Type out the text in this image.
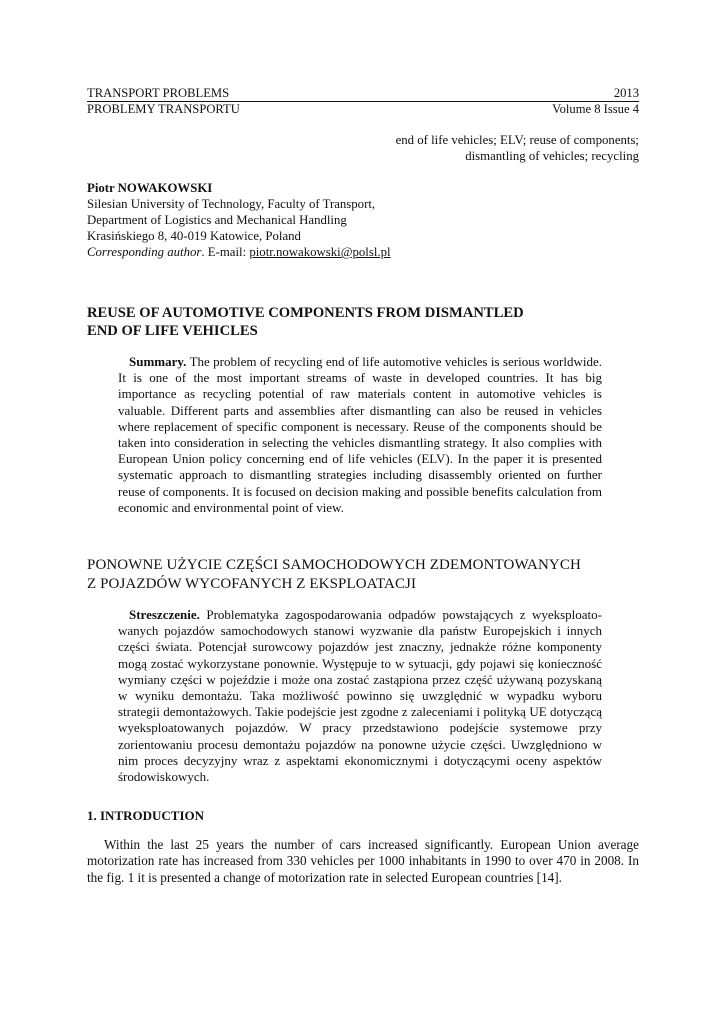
TRANSPORT PROBLEMS	2013
PROBLEMY TRANSPORTU	Volume 8 Issue 4
end of life vehicles; ELV; reuse of components;
dismantling of vehicles; recycling
Piotr NOWAKOWSKI
Silesian University of Technology, Faculty of Transport,
Department of Logistics and Mechanical Handling
Krasińskiego 8, 40-019 Katowice, Poland
Corresponding author. E-mail: piotr.nowakowski@polsl.pl
REUSE OF AUTOMOTIVE COMPONENTS FROM DISMANTLED
END OF LIFE VEHICLES

Summary. The problem of recycling end of life automotive vehicles is serious worldwide. It is one of the most important streams of waste in developed countries. It has big importance as recycling potential of raw materials content in automotive vehicles is valuable. Different parts and assemblies after dismantling can also be reused in vehicles where replacement of specific component is necessary. Reuse of the components should be taken into consideration in selecting the vehicles dismantling strategy. It also complies with European Union policy concerning end of life vehicles (ELV). In the paper it is presented systematic approach to dismantling strategies including disassembly oriented on further reuse of components. It is focused on decision making and possible benefits calculation from economic and environmental point of view.

PONOWNE UŻYCIE CZĘŚCI SAMOCHODOWYCH ZDEMONTOWANYCH
Z POJAZDÓW WYCOFANYCH Z EKSPLOATACJI

Streszczenie. Problematyka zagospodarowania odpadów powstających z wyeksploato-wanych pojazdów samochodowych stanowi wyzwanie dla państw Europejskich i innych części świata. Potencjał surowcowy pojazdów jest znaczny, jednakże różne komponenty mogą zostać wykorzystane ponownie. Występuje to w sytuacji, gdy pojawi się konieczność wymiany części w pojeździe i może ona zostać zastąpiona przez część używaną pozyskaną w wyniku demontażu. Taka możliwość powinno się uwzględnić w wypadku wyboru strategii demontażowych. Takie podejście jest zgodne z zaleceniami i polityką UE dotyczącą wyeksploatowanych pojazdów. W pracy przedstawiono podejście systemowe przy zorientowaniu procesu demontażu pojazdów na ponowne użycie części. Uwzględniono w nim proces decyzyjny wraz z aspektami ekonomicznymi i dotyczącymi oceny aspektów środowiskowych.

1. INTRODUCTION

Within the last 25 years the number of cars increased significantly. European Union average motorization rate has increased from 330 vehicles per 1000 inhabitants in 1990 to over 470 in 2008. In the fig. 1 it is presented a change of motorization rate in selected European countries [14].
